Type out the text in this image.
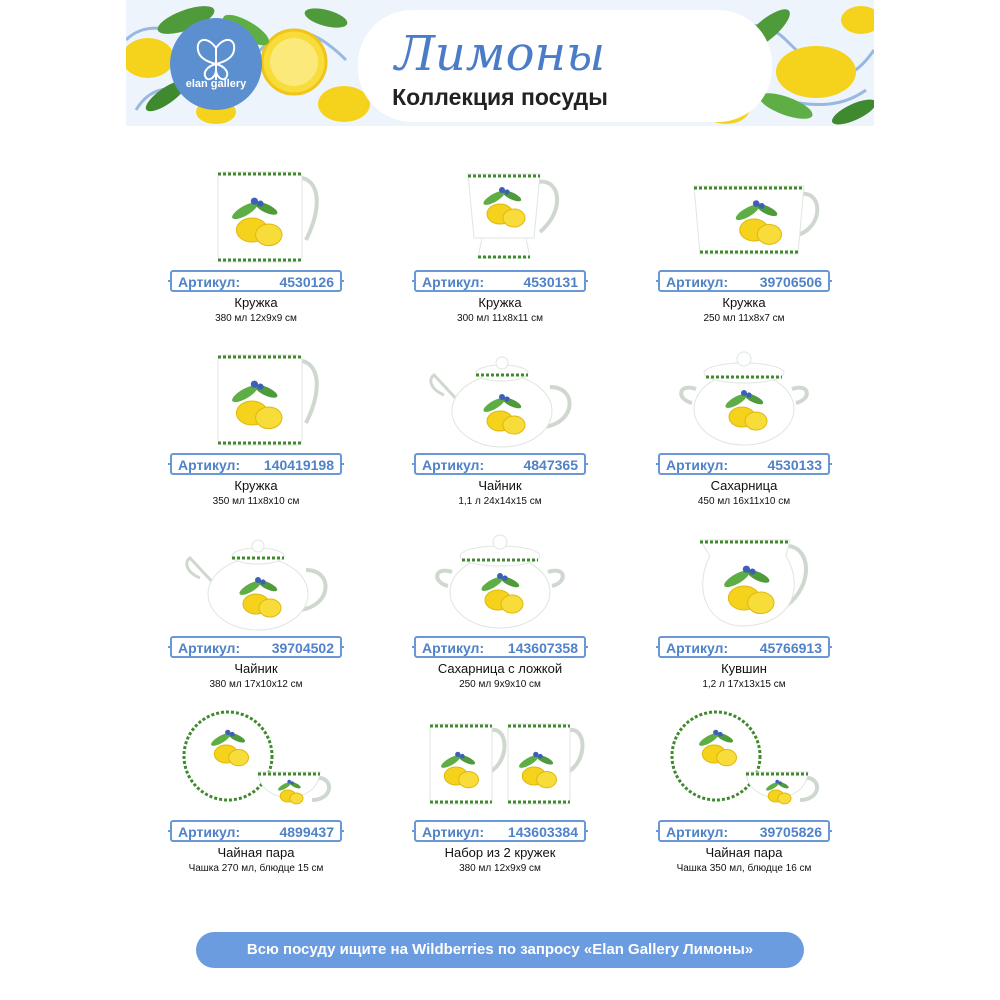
elan gallery
Лимоны
Коллекция посуды
Артикул:	4530126
Кружка
380 мл 12х9х9 см
Артикул:	4530131
Кружка
300 мл 11х8х11 см
Артикул: 39706506
Кружка
250 мл 11х8х7 см
Артикул: 140419198
Кружка
350 мл 11х8х10 см
Артикул:	4847365
Чайник
1,1 л 24х14х15 см
Артикул:	4530133
Сахарница
450 мл 16х11х10 см
Артикул: 39704502
Чайник
380 мл 17х10х12 см
Артикул: 143607358
Сахарница с ложкой
250 мл 9х9х10 см
Артикул: 45766913
Кувшин
1,2 л 17х13х15 см
Артикул:	4899437
Чайная пара
Чашка 270 мл, блюдце 15 см
Артикул: 143603384
Набор из 2 кружек
380 мл 12х9х9 см
Артикул: 39705826
Чайная пара
Чашка 350 мл, блюдце 16 см
Всю посуду ищите на Wildberries по запросу «Elan Gallery Лимоны»
